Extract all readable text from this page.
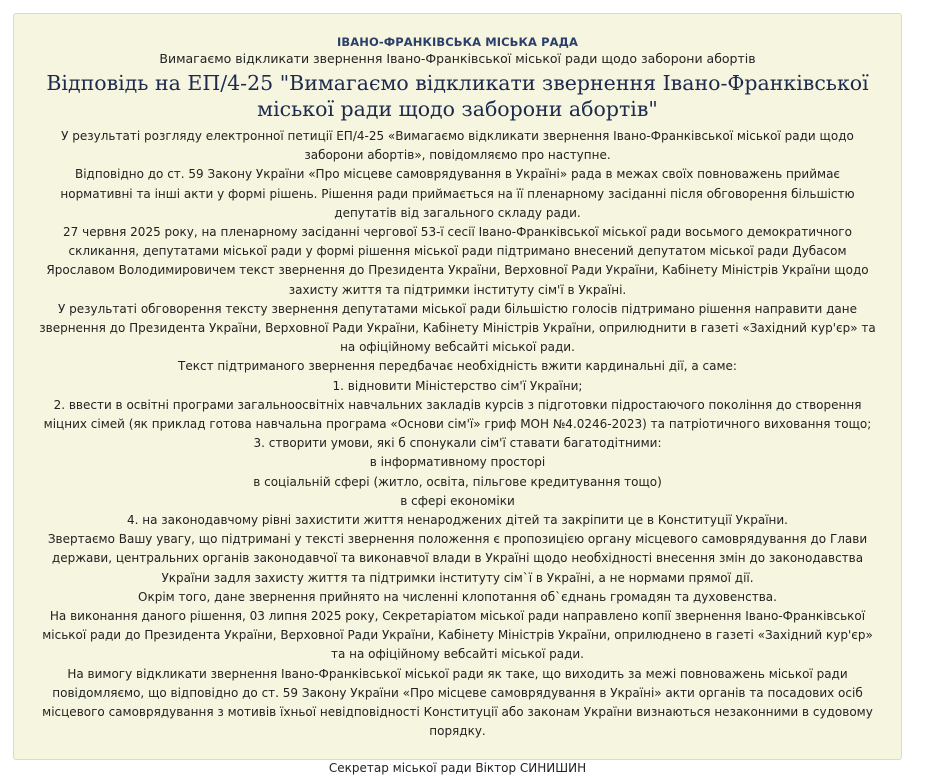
ІВАНО-ФРАНКІВСЬКА МІСЬКА РАДА
Вимагаємо відкликати звернення Івано-Франківської міської ради щодо заборони абортів
Відповідь на ЕП/4-25 "Вимагаємо відкликати звернення Івано-Франківської міської ради щодо заборони абортів"

У результаті розгляду електронної петиції ЕП/4-25 «Вимагаємо відкликати звернення Івано-Франківської міської ради щодо заборони абортів», повідомляємо про наступне.

Відповідно до ст. 59 Закону України «Про місцеве самоврядування в Україні» рада в межах своїх повноважень приймає нормативні та інші акти у формі рішень. Рішення ради приймається на її пленарному засіданні після обговорення більшістю депутатів від загального складу ради.

27 червня 2025 року, на пленарному засіданні чергової 53-ї сесії Івано-Франківської міської ради восьмого демократичного скликання, депутатами міської ради у формі рішення міської ради підтримано внесений депутатом міської ради Дубасом Ярославом Володимировичем текст звернення до Президента України, Верховної Ради України, Кабінету Міністрів України щодо захисту життя та підтримки інституту сім'ї в Україні.

У результаті обговорення тексту звернення депутатами міської ради більшістю голосів підтримано рішення направити дане звернення до Президента України, Верховної Ради України, Кабінету Міністрів України, оприлюднити в газеті «Західний кур'єр» та на офіційному вебсайті міської ради.

Текст підтриманого звернення передбачає необхідність вжити кардинальні дії, а саме:

1. відновити Міністерство сім'ї України;

2. ввести в освітні програми загальноосвітніх навчальних закладів курсів з підготовки підростаючого покоління до створення міцних сімей (як приклад готова навчальна програма «Основи сім'ї» гриф МОН №4.0246-2023) та патріотичного виховання тощо;

3. створити умови, які б спонукали сім'ї ставати багатодітними:

в інформативному просторі

в соціальній сфері (житло, освіта, пільгове кредитування тощо)

в сфері економіки

4. на законодавчому рівні захистити життя ненароджених дітей та закріпити це в Конституції України.

Звертаємо Вашу увагу, що підтримані у тексті звернення положення є пропозицією органу місцевого самоврядування до Глави держави, центральних органів законодавчої та виконавчої влади в Україні щодо необхідності внесення змін до законодавства України задля захисту життя та підтримки інституту сім`ї в Україні, а не нормами прямої дії.

Окрім того, дане звернення прийнято на численні клопотання об`єднань громадян та духовенства.

На виконання даного рішення, 03 липня 2025 року, Секретаріатом міської ради направлено копії звернення Івано-Франківської міської ради до Президента України, Верховної Ради України, Кабінету Міністрів України, оприлюднено в газеті «Західний кур'єр» та на офіційному вебсайті міської ради.

На вимогу відкликати звернення Івано-Франківської міської ради як таке, що виходить за межі повноважень міської ради повідомляємо, що відповідно до ст. 59 Закону України «Про місцеве самоврядування в Україні» акти органів та посадових осіб місцевого самоврядування з мотивів їхньої невідповідності Конституції або законам України визнаються незаконними в судовому порядку.

Секретар міської ради Віктор СИНИШИН
